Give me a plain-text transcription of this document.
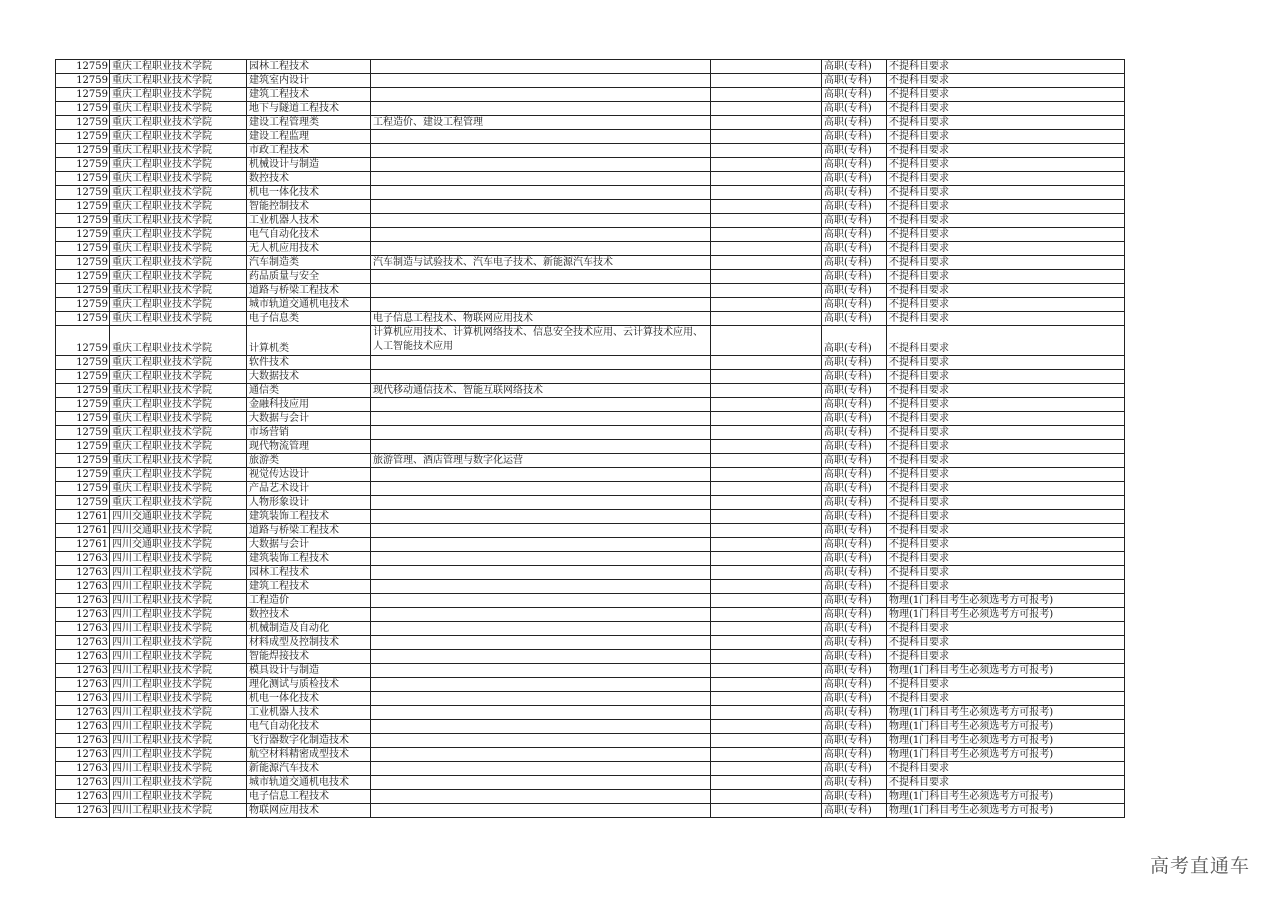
12759	重庆工程职业技术学院	园林工程技术			高职(专科)	不提科目要求
12759	重庆工程职业技术学院	建筑室内设计			高职(专科)	不提科目要求
12759	重庆工程职业技术学院	建筑工程技术			高职(专科)	不提科目要求
12759	重庆工程职业技术学院	地下与隧道工程技术			高职(专科)	不提科目要求
12759	重庆工程职业技术学院	建设工程管理类	工程造价、建设工程管理		高职(专科)	不提科目要求
12759	重庆工程职业技术学院	建设工程监理			高职(专科)	不提科目要求
12759	重庆工程职业技术学院	市政工程技术			高职(专科)	不提科目要求
12759	重庆工程职业技术学院	机械设计与制造			高职(专科)	不提科目要求
12759	重庆工程职业技术学院	数控技术			高职(专科)	不提科目要求
12759	重庆工程职业技术学院	机电一体化技术			高职(专科)	不提科目要求
12759	重庆工程职业技术学院	智能控制技术			高职(专科)	不提科目要求
12759	重庆工程职业技术学院	工业机器人技术			高职(专科)	不提科目要求
12759	重庆工程职业技术学院	电气自动化技术			高职(专科)	不提科目要求
12759	重庆工程职业技术学院	无人机应用技术			高职(专科)	不提科目要求
12759	重庆工程职业技术学院	汽车制造类	汽车制造与试验技术、汽车电子技术、新能源汽车技术		高职(专科)	不提科目要求
12759	重庆工程职业技术学院	药品质量与安全			高职(专科)	不提科目要求
12759	重庆工程职业技术学院	道路与桥梁工程技术			高职(专科)	不提科目要求
12759	重庆工程职业技术学院	城市轨道交通机电技术			高职(专科)	不提科目要求
12759	重庆工程职业技术学院	电子信息类	电子信息工程技术、物联网应用技术		高职(专科)	不提科目要求
12759	重庆工程职业技术学院	计算机类	计算机应用技术、计算机网络技术、信息安全技术应用、云计算技术应用、人工智能技术应用		高职(专科)	不提科目要求
12759	重庆工程职业技术学院	软件技术			高职(专科)	不提科目要求
12759	重庆工程职业技术学院	大数据技术			高职(专科)	不提科目要求
12759	重庆工程职业技术学院	通信类	现代移动通信技术、智能互联网络技术		高职(专科)	不提科目要求
12759	重庆工程职业技术学院	金融科技应用			高职(专科)	不提科目要求
12759	重庆工程职业技术学院	大数据与会计			高职(专科)	不提科目要求
12759	重庆工程职业技术学院	市场营销			高职(专科)	不提科目要求
12759	重庆工程职业技术学院	现代物流管理			高职(专科)	不提科目要求
12759	重庆工程职业技术学院	旅游类	旅游管理、酒店管理与数字化运营		高职(专科)	不提科目要求
12759	重庆工程职业技术学院	视觉传达设计			高职(专科)	不提科目要求
12759	重庆工程职业技术学院	产品艺术设计			高职(专科)	不提科目要求
12759	重庆工程职业技术学院	人物形象设计			高职(专科)	不提科目要求
12761	四川交通职业技术学院	建筑装饰工程技术			高职(专科)	不提科目要求
12761	四川交通职业技术学院	道路与桥梁工程技术			高职(专科)	不提科目要求
12761	四川交通职业技术学院	大数据与会计			高职(专科)	不提科目要求
12763	四川工程职业技术学院	建筑装饰工程技术			高职(专科)	不提科目要求
12763	四川工程职业技术学院	园林工程技术			高职(专科)	不提科目要求
12763	四川工程职业技术学院	建筑工程技术			高职(专科)	不提科目要求
12763	四川工程职业技术学院	工程造价			高职(专科)	物理(1门科目考生必须选考方可报考)
12763	四川工程职业技术学院	数控技术			高职(专科)	物理(1门科目考生必须选考方可报考)
12763	四川工程职业技术学院	机械制造及自动化			高职(专科)	不提科目要求
12763	四川工程职业技术学院	材料成型及控制技术			高职(专科)	不提科目要求
12763	四川工程职业技术学院	智能焊接技术			高职(专科)	不提科目要求
12763	四川工程职业技术学院	模具设计与制造			高职(专科)	物理(1门科目考生必须选考方可报考)
12763	四川工程职业技术学院	理化测试与质检技术			高职(专科)	不提科目要求
12763	四川工程职业技术学院	机电一体化技术			高职(专科)	不提科目要求
12763	四川工程职业技术学院	工业机器人技术			高职(专科)	物理(1门科目考生必须选考方可报考)
12763	四川工程职业技术学院	电气自动化技术			高职(专科)	物理(1门科目考生必须选考方可报考)
12763	四川工程职业技术学院	飞行器数字化制造技术			高职(专科)	物理(1门科目考生必须选考方可报考)
12763	四川工程职业技术学院	航空材料精密成型技术			高职(专科)	物理(1门科目考生必须选考方可报考)
12763	四川工程职业技术学院	新能源汽车技术			高职(专科)	不提科目要求
12763	四川工程职业技术学院	城市轨道交通机电技术			高职(专科)	不提科目要求
12763	四川工程职业技术学院	电子信息工程技术			高职(专科)	物理(1门科目考生必须选考方可报考)
12763	四川工程职业技术学院	物联网应用技术			高职(专科)	物理(1门科目考生必须选考方可报考)
高考直通车
